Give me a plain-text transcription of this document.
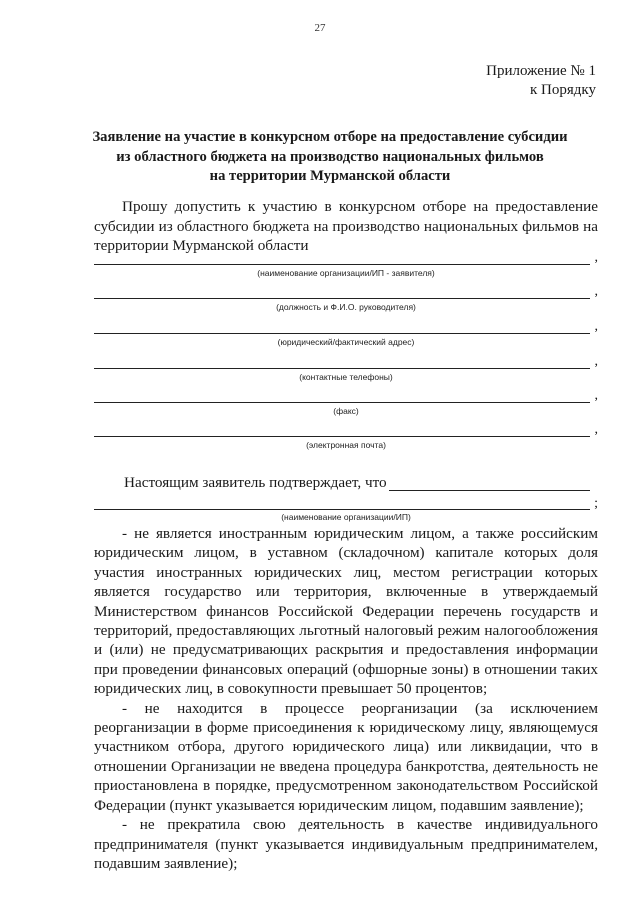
27
Приложение № 1
к Порядку
Заявление на участие в конкурсном отборе на предоставление субсидии
из областного бюджета на производство национальных фильмов
на территории Мурманской области

Прошу допустить к участию в конкурсном отборе на предоставление субсидии из областного бюджета на производство национальных фильмов на территории Мурманской области

,
(наименование организации/ИП - заявителя)
,
(должность и Ф.И.О. руководителя)
,
(юридический/фактический адрес)
,
(контактные телефоны)
,
(факс)
,
(электронная почта)
Настоящим заявитель подтверждает, что
;
(наименование организации/ИП)

- не является иностранным юридическим лицом, а также российским юридическим лицом, в уставном (складочном) капитале которых доля участия иностранных юридических лиц, местом регистрации которых является государство или территория, включенные в утверждаемый Министерством финансов Российской Федерации перечень государств и территорий, предоставляющих льготный налоговый режим налогообложения и (или) не предусматривающих раскрытия и предоставления информации при проведении финансовых операций (офшорные зоны) в отношении таких юридических лиц, в совокупности превышает 50 процентов;

- не находится в процессе реорганизации (за исключением реорганизации в форме присоединения к юридическому лицу, являющемуся участником отбора, другого юридического лица) или ликвидации, что в отношении Организации не введена процедура банкротства, деятельность не приостановлена в порядке, предусмотренном законодательством Российской Федерации (пункт указывается юридическим лицом, подавшим заявление);

- не прекратила свою деятельность в качестве индивидуального предпринимателя (пункт указывается индивидуальным предпринимателем, подавшим заявление);
